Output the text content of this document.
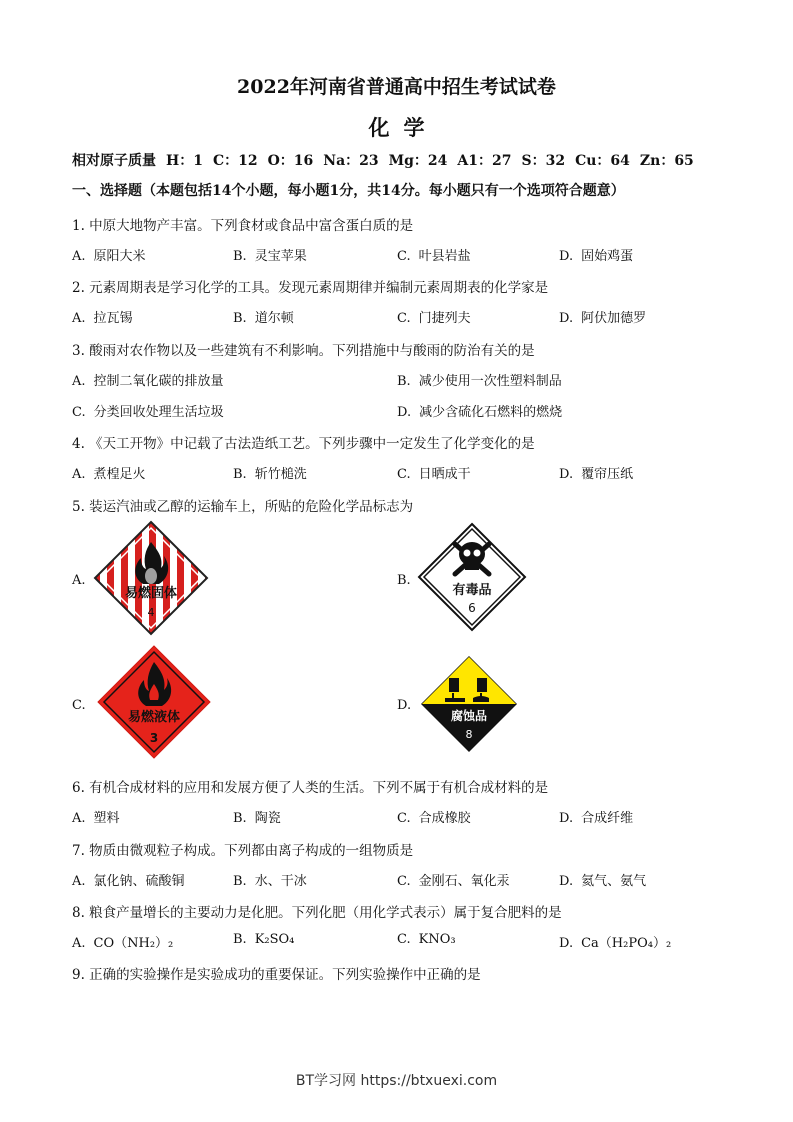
2022年河南省普通高中招生考试试卷
化学
相对原子质量 H：1 C：12 O：16 Na：23 Mg：24 A1：27 S：32 Cu：64 Zn：65
一、选择题（本题包括14个小题，每小题1分，共14分。每小题只有一个选项符合题意）
1. 中原大地物产丰富。下列食材或食品中富含蛋白质的是
A. 原阳大米	B. 灵宝苹果	C. 叶县岩盐	D. 固始鸡蛋
2. 元素周期表是学习化学的工具。发现元素周期律并编制元素周期表的化学家是
A. 拉瓦锡	B. 道尔顿	C. 门捷列夫	D. 阿伏加德罗
3. 酸雨对农作物以及一些建筑有不利影响。下列措施中与酸雨的防治有关的是
A. 控制二氧化碳的排放量	B. 减少使用一次性塑料制品
C. 分类回收处理生活垃圾	D. 减少含硫化石燃料的燃烧
4. 《天工开物》中记载了古法造纸工艺。下列步骤中一定发生了化学变化的是
A. 煮楻足火	B. 斩竹槌洗	C. 日晒成干	D. 覆帘压纸
5. 装运汽油或乙醇的运输车上，所贴的危险化学品标志为
A.
易燃固体
4
B.
有毒品
6
C.
易燃液体
3
D.
腐蚀品
8
6. 有机合成材料的应用和发展方便了人类的生活。下列不属于有机合成材料的是
A. 塑料	B. 陶瓷	C. 合成橡胶	D. 合成纤维
7. 物质由微观粒子构成。下列都由离子构成的一组物质是
A. 氯化钠、硫酸铜	B. 水、干冰	C. 金刚石、氧化汞	D. 氦气、氨气
8. 粮食产量增长的主要动力是化肥。下列化肥（用化学式表示）属于复合肥料的是
A. CO（NH₂）₂	B. K₂SO₄	C. KNO₃	D. Ca（H₂PO₄）₂
9. 正确的实验操作是实验成功的重要保证。下列实验操作中正确的是
BT学习网 https://btxuexi.com
